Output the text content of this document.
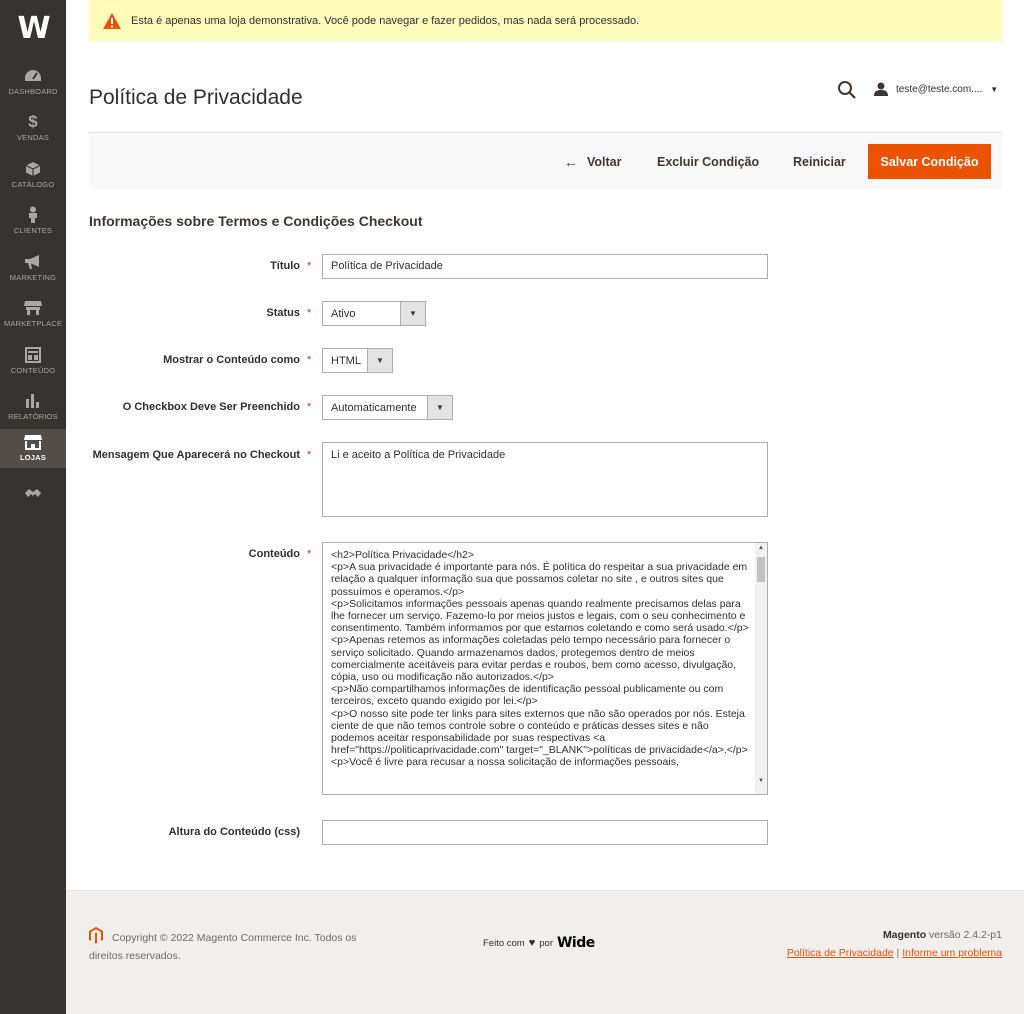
W
DASHBOARD
$
VENDAS
CATÁLOGO
CLIENTES
MARKETING
MARKETPLACE
CONTEÚDO
RELATÓRIOS
LOJAS
Esta é apenas uma loja demonstrativa. Você pode navegar e fazer pedidos, mas nada será processado.
Política de Privacidade	teste@teste.com.... ▼
← Voltar	Excluir Condição	Reiniciar	Salvar Condição
Informações sobre Termos e Condições Checkout
Título *	Política de Privacidade
Status *	Ativo	▼
Mostrar o Conteúdo como *	HTML	▼
O Checkbox Deve Ser Preenchido *	Automaticamente	▼
Mensagem Que Aparecerá no Checkout *	Li e aceito a Política de Privacidade
Conteúdo * <h2>Política Privacidade</h2>
<p>A sua privacidade é importante para nós. É política do respeitar a sua privacidade em relação a qualquer informação sua que possamos coletar no site , e outros sites que possuímos e operamos.</p>
<p>Solicitamos informações pessoais apenas quando realmente precisamos delas para lhe fornecer um serviço. Fazemo-lo por meios justos e legais, com o seu conhecimento e consentimento. Também informamos por que estamos coletando e como será usado.</p>
<p>Apenas retemos as informações coletadas pelo tempo necessário para fornecer o serviço solicitado. Quando armazenamos dados, protegemos dentro de meios comercialmente aceitáveis para evitar perdas e roubos, bem como acesso, divulgação, cópia, uso ou modificação não autorizados.</p>
<p>Não compartilhamos informações de identificação pessoal publicamente ou com terceiros, exceto quando exigido por lei.</p>
<p>O nosso site pode ter links para sites externos que não são operados por nós. Esteja ciente de que não temos controle sobre o conteúdo e práticas desses sites e não podemos aceitar responsabilidade por suas respectivas <a href="https://politicaprivacidade.com" target="_BLANK">políticas de privacidade</a>.</p>
<p>Você é livre para recusar a nossa solicitação de informações pessoais,
▲
▼
Altura do Conteúdo (css)
Copyright © 2022 Magento Commerce Inc. Todos os direitos reservados.
Feito com ♥ por Wide	Magento versão 2.4.2-p1
Política de Privacidade | Informe um problema
